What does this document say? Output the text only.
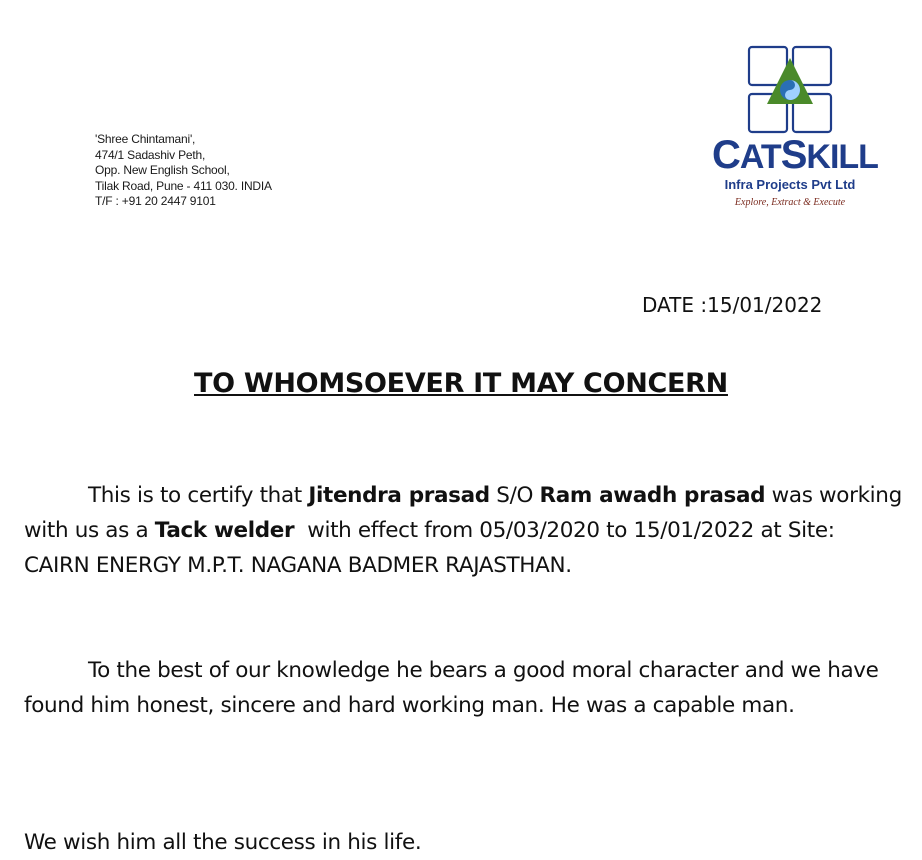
'Shree Chintamani',
474/1 Sadashiv Peth,
Opp. New English School,
Tilak Road, Pune - 411 030. INDIA
T/F : +91 20 2447 9101
CATSKILL
Infra Projects Pvt Ltd
Explore, Extract & Execute
DATE :15/01/2022
TO WHOMSOEVER IT MAY CONCERN
This is to certify that Jitendra prasad S/O Ram awadh prasad was working with us as a Tack welder  with effect from 05/03/2020 to 15/01/2022 at Site: CAIRN ENERGY M.P.T. NAGANA BADMER RAJASTHAN.
To the best of our knowledge he bears a good moral character and we have found him honest, sincere and hard working man. He was a capable man.
We wish him all the success in his life.
